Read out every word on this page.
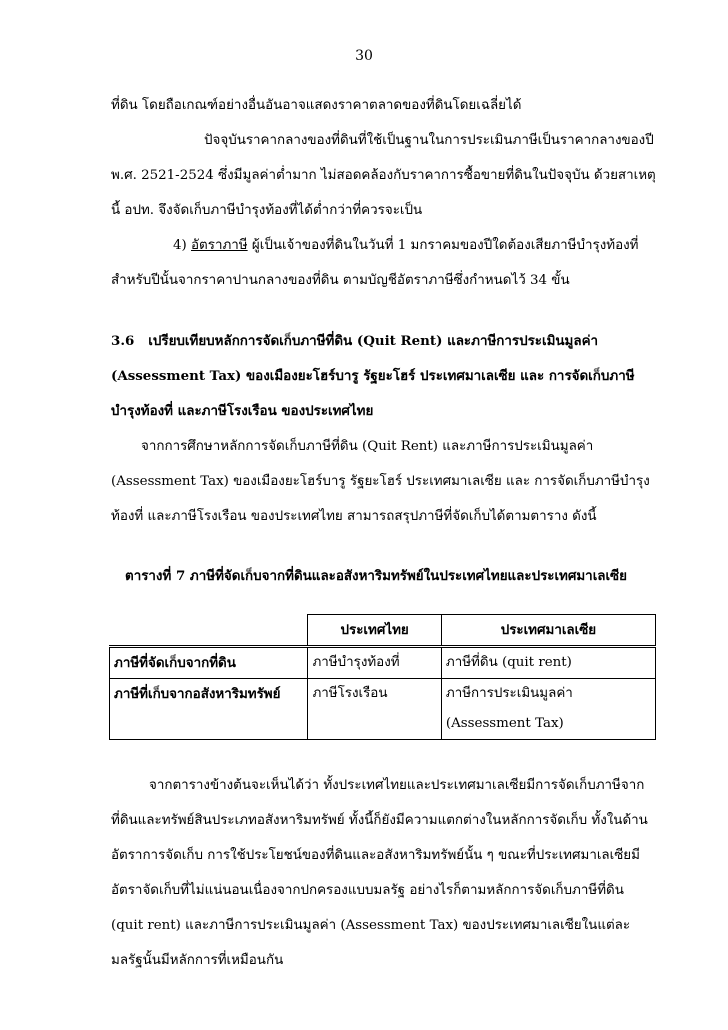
30

ที่ดิน โดยถือเกณฑ์อย่างอื่นอันอาจแสดงราคาตลาดของที่ดินโดยเฉลี่ยได้

ปัจจุบันราคากลางของที่ดินที่ใช้เป็นฐานในการประเมินภาษีเป็นราคากลางของปี พ.ศ. 2521-2524 ซึ่งมีมูลค่าต่ำมาก ไม่สอดคล้องกับราคาการซื้อขายที่ดินในปัจจุบัน ด้วยสาเหตุนี้ อปท. จึงจัดเก็บภาษีบำรุงท้องที่ได้ต่ำกว่าที่ควรจะเป็น

4) อัตราภาษี ผู้เป็นเจ้าของที่ดินในวันที่ 1 มกราคมของปีใดต้องเสียภาษีบำรุงท้องที่สำหรับปีนั้นจากราคาปานกลางของที่ดิน ตามบัญชีอัตราภาษีซึ่งกำหนดไว้ 34 ขั้น

3.6 เปรียบเทียบหลักการจัดเก็บภาษีที่ดิน (Quit Rent) และภาษีการประเมินมูลค่า (Assessment Tax) ของเมืองยะโฮร์บารู รัฐยะโฮร์ ประเทศมาเลเซีย และ การจัดเก็บภาษีบำรุงท้องที่ และภาษีโรงเรือน ของประเทศไทย

จากการศึกษาหลักการจัดเก็บภาษีที่ดิน (Quit Rent) และภาษีการประเมินมูลค่า (Assessment Tax) ของเมืองยะโฮร์บารู รัฐยะโฮร์ ประเทศมาเลเซีย และ การจัดเก็บภาษีบำรุงท้องที่ และภาษีโรงเรือน ของประเทศไทย สามารถสรุปภาษีที่จัดเก็บได้ตามตาราง ดังนี้

ตารางที่ 7 ภาษีที่จัดเก็บจากที่ดินและอสังหาริมทรัพย์ในประเทศไทยและประเทศมาเลเซีย

	ประเทศไทย	ประเทศมาเลเซีย
ภาษีที่จัดเก็บจากที่ดิน	ภาษีบำรุงท้องที่	ภาษีที่ดิน (quit rent)
ภาษีที่เก็บจากอสังหาริมทรัพย์	ภาษีโรงเรือน	ภาษีการประเมินมูลค่า (Assessment Tax)

จากตารางข้างต้นจะเห็นได้ว่า ทั้งประเทศไทยและประเทศมาเลเซียมีการจัดเก็บภาษีจากที่ดินและทรัพย์สินประเภทอสังหาริมทรัพย์ ทั้งนี้ก็ยังมีความแตกต่างในหลักการจัดเก็บ ทั้งในด้านอัตราการจัดเก็บ การใช้ประโยชน์ของที่ดินและอสังหาริมทรัพย์นั้น ๆ ขณะที่ประเทศมาเลเซียมีอัตราจัดเก็บที่ไม่แน่นอนเนื่องจากปกครองแบบมลรัฐ อย่างไรก็ตามหลักการจัดเก็บภาษีที่ดิน (quit rent) และภาษีการประเมินมูลค่า (Assessment Tax) ของประเทศมาเลเซียในแต่ละมลรัฐนั้นมีหลักการที่เหมือนกัน
